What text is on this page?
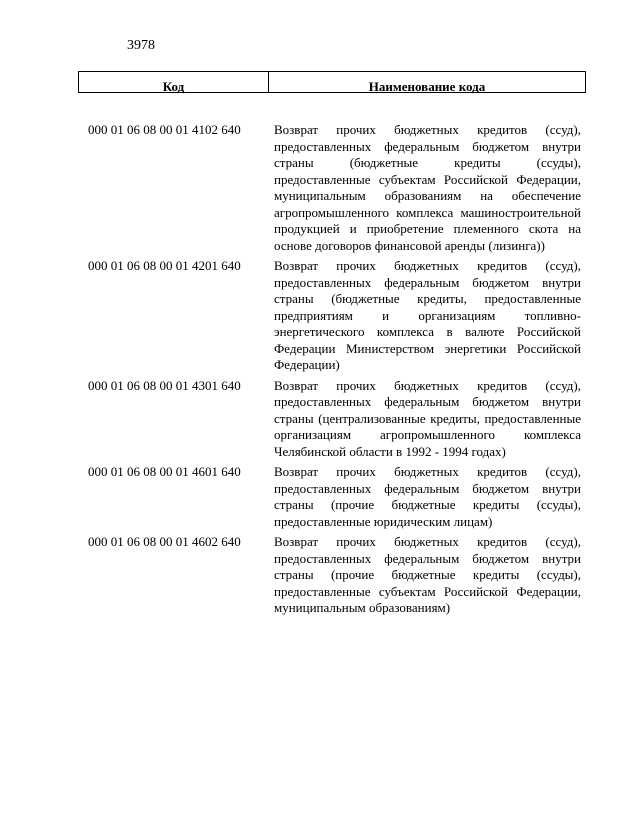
3978
Код	Наименование кода
000 01 06 08 00 01 4102 640	Возврат прочих бюджетных кредитов (ссуд), предоставленных федеральным бюджетом внутри страны (бюджетные кредиты (ссуды), предоставленные субъектам Российской Федерации, муниципальным образованиям на обеспечение агропромышленного комплекса машиностроительной продукцией и приобретение племенного скота на основе договоров финансовой аренды (лизинга))
000 01 06 08 00 01 4201 640	Возврат прочих бюджетных кредитов (ссуд), предоставленных федеральным бюджетом внутри страны (бюджетные кредиты, предоставленные предприятиям и организациям топливно-энергетического комплекса в валюте Российской Федерации Министерством энергетики Российской Федерации)
000 01 06 08 00 01 4301 640	Возврат прочих бюджетных кредитов (ссуд), предоставленных федеральным бюджетом внутри страны (централизованные кредиты, предоставленные организациям агропромышленного комплекса Челябинской области в 1992 - 1994 годах)
000 01 06 08 00 01 4601 640	Возврат прочих бюджетных кредитов (ссуд), предоставленных федеральным бюджетом внутри страны (прочие бюджетные кредиты (ссуды), предоставленные юридическим лицам)
000 01 06 08 00 01 4602 640	Возврат прочих бюджетных кредитов (ссуд), предоставленных федеральным бюджетом внутри страны (прочие бюджетные кредиты (ссуды), предоставленные субъектам Российской Федерации, муниципальным образованиям)
